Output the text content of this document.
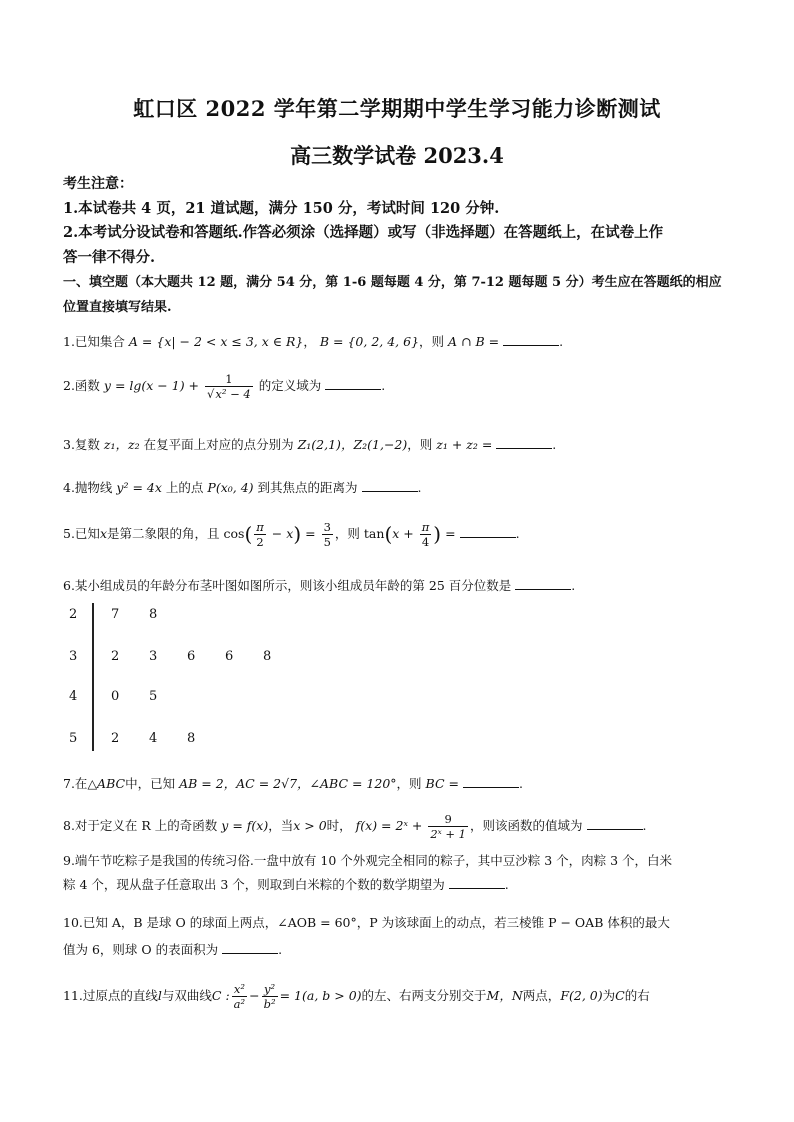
虹口区 2022 学年第二学期期中学生学习能力诊断测试
高三数学试卷 2023.4
考生注意：
1.本试卷共 4 页，21 道试题，满分 150 分，考试时间 120 分钟.
2.本考试分设试卷和答题纸.作答必须涂（选择题）或写（非选择题）在答题纸上，在试卷上作
答一律不得分.
一、填空题（本大题共 12 题，满分 54 分，第 1-6 题每题 4 分，第 7-12 题每题 5 分）考生应在答题纸的相应
位置直接填写结果.
1.已知集合 A = {x| − 2 < x ≤ 3, x ∈ R}， B = {0, 2, 4, 6}，则 A ∩ B =	.
2.函数 $y = \lg(x - 1) + \frac{1}{\text{√x² − 4}}$ 的定义域为	.
3.复数 z₁，z₂ 在复平面上对应的点分别为 Z₁(2,1)，Z₂(1,−2)，则 z₁ + z₂ =	.
4.抛物线 y² = 4x 上的点 P(x₀, 4) 到其焦点的距离为	.
5.已知x是第二象限的角，且 $\cos( \frac{\pi}{2} - x) = \frac{3}{5}$ ，则 $\tan(x + \frac{\pi}{4}$ ) =	.
6.某小组成员的年龄分布茎叶图如图所示，则该小组成员年龄的第 25 百分位数是	.
2	7 8
3	2 3 6 6 8
4	0 5
5	2 4 8
7.在△ABC中，已知 AB = 2，AC = 2√7，∠ABC = 120°，则 BC =	.
8.对于定义在 R 上的奇函数 y = f(x)，当x > 0时， f(x) = 2ˣ + $\frac{9}{\text{2ˣ + 1}}$ ，则该函数的值域为	.
9.端午节吃粽子是我国的传统习俗.一盘中放有 10 个外观完全相同的粽子，其中豆沙粽 3 个，肉粽 3 个，白米
粽 4 个，现从盘子任意取出 3 个，则取到白米粽的个数的数学期望为	.
10.已知 A，B 是球 O 的球面上两点，∠AOB = 60°，P 为该球面上的动点，若三棱锥 P − OAB 体积的最大
值为 6，则球 O 的表面积为	.
11.过原点的直线l与双曲线C : $\frac{\text{x²}}{\text{a²}} - \frac{\text{y²}}{\text{b²}} = 1(a$, b > 0)的左、右两支分别交于M，N两点，F(2, 0)为C的右
